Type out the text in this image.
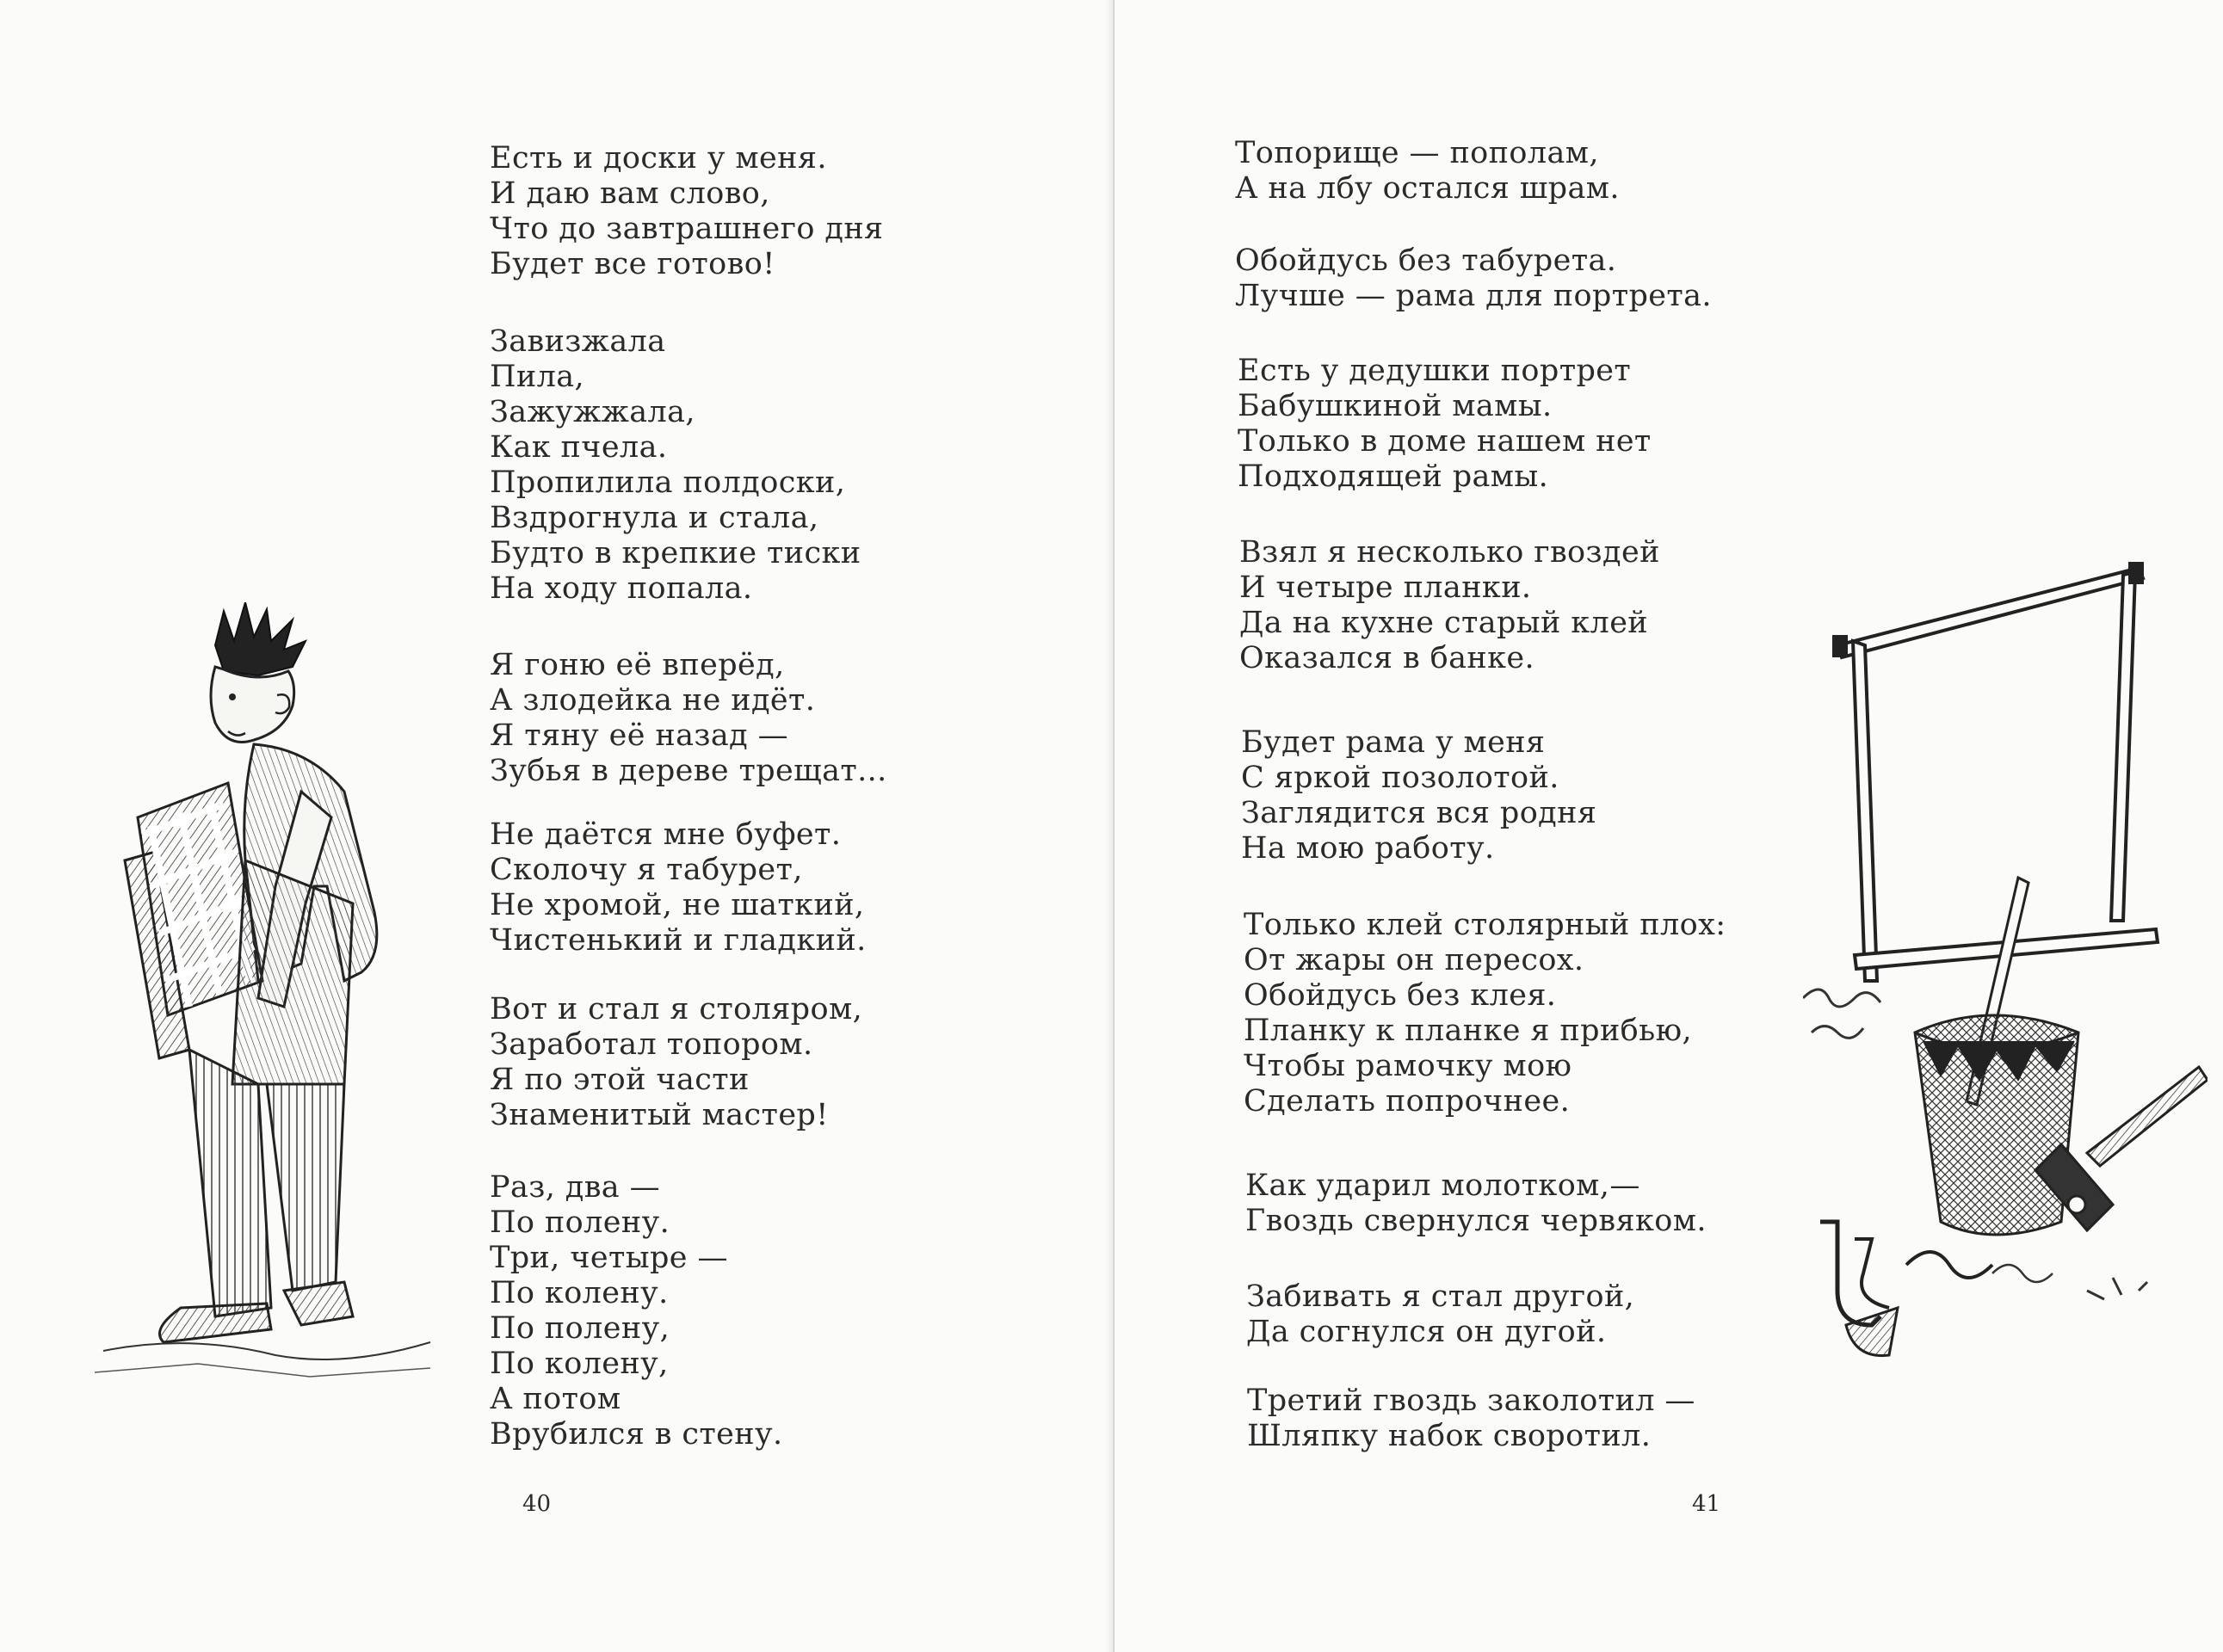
Есть и доски у меня.
И даю вам слово,
Что до завтрашнего дня
Будет все готово!
Завизжала
Пила,
Зажужжала,
Как пчела.
Пропилила полдоски,
Вздрогнула и стала,
Будто в крепкие тиски
На ходу попала.
Я гоню её вперёд,
А злодейка не идёт.
Я тяну её назад —
Зубья в дереве трещат...
Не даётся мне буфет.
Сколочу я табурет,
Не хромой, не шаткий,
Чистенький и гладкий.
Вот и стал я столяром,
Заработал топором.
Я по этой части
Знаменитый мастер!
Раз, два —
По полену.
Три, четыре —
По колену.
По полену,
По колену,
А потом
Врубился в стену.
40
Топорище — пополам,
А на лбу остался шрам.
Обойдусь без табурета.
Лучше — рама для портрета.
Есть у дедушки портрет
Бабушкиной мамы.
Только в доме нашем нет
Подходящей рамы.
Взял я несколько гвоздей
И четыре планки.
Да на кухне старый клей
Оказался в банке.
Будет рама у меня
С яркой позолотой.
Заглядится вся родня
На мою работу.
Только клей столярный плох:
От жары он пересох.
Обойдусь без клея.
Планку к планке я прибью,
Чтобы рамочку мою
Сделать попрочнее.
Как ударил молотком,—
Гвоздь свернулся червяком.
Забивать я стал другой,
Да согнулся он дугой.
Третий гвоздь заколотил —
Шляпку набок своротил.
41
